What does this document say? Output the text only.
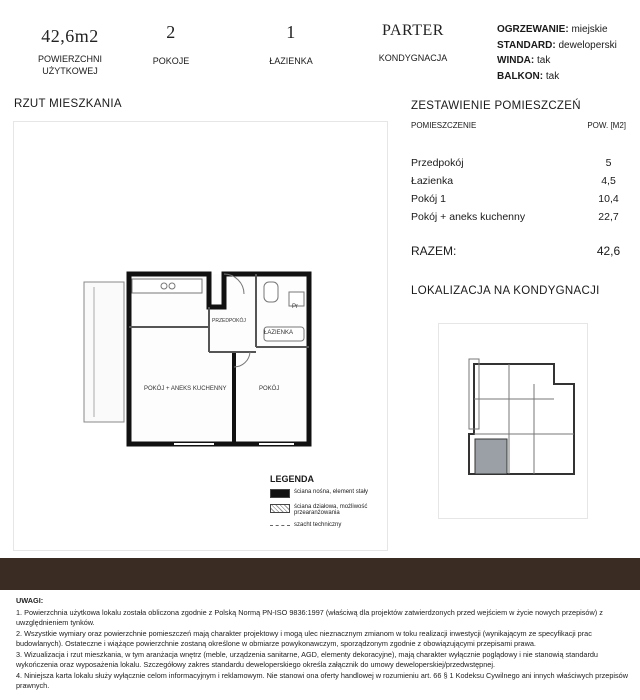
42,6m2
POWIERZCHNI
UŻYTKOWEJ
2
POKOJE
1
ŁAZIENKA
PARTER
KONDYGNACJA
OGRZEWANIE: miejskie
STANDARD: deweloperski
WINDA: tak
BALKON: tak
RZUT MIESZKANIA
PRZEDPOKÓJ
ŁAZIENKA
POKÓJ + ANEKS KUCHENNY	POKÓJ
Pr
LEGENDA
ściana nośna, element stały
ściana działowa, możliwość przearanżowania
szacht techniczny
ZESTAWIENIE POMIESZCZEŃ
POMIESZCZENIE	POW. [M2]
Przedpokój	5
Łazienka	4,5
Pokój 1	10,4
Pokój + aneks kuchenny	22,7
RAZEM:	42,6
LOKALIZACJA NA KONDYGNACJI
UWAGI:
1. Powierzchnia użytkowa lokalu została obliczona zgodnie z Polską Normą PN-ISO 9836:1997 (właściwą dla projektów zatwierdzonych przed wejściem w życie nowych przepisów) z uwzględnieniem tynków.
2. Wszystkie wymiary oraz powierzchnie pomieszczeń mają charakter projektowy i mogą ulec nieznacznym zmianom w toku realizacji inwestycji (wynikającym ze specyfikacji prac budowlanych). Ostateczne i wiążące powierzchnie zostaną określone w obmiarze powykonawczym, sporządzonym zgodnie z obowiązującymi przepisami prawa.
3. Wizualizacja i rzut mieszkania, w tym aranżacja wnętrz (meble, urządzenia sanitarne, AGD, elementy dekoracyjne), mają charakter wyłącznie poglądowy i nie stanowią standardu wykończenia oraz wyposażenia lokalu. Szczegółowy zakres standardu deweloperskiego określa załącznik do umowy deweloperskiej/przedwstępnej.
4. Niniejsza karta lokalu służy wyłącznie celom informacyjnym i reklamowym. Nie stanowi ona oferty handlowej w rozumieniu art. 66 § 1 Kodeksu Cywilnego ani innych właściwych przepisów prawnych.
